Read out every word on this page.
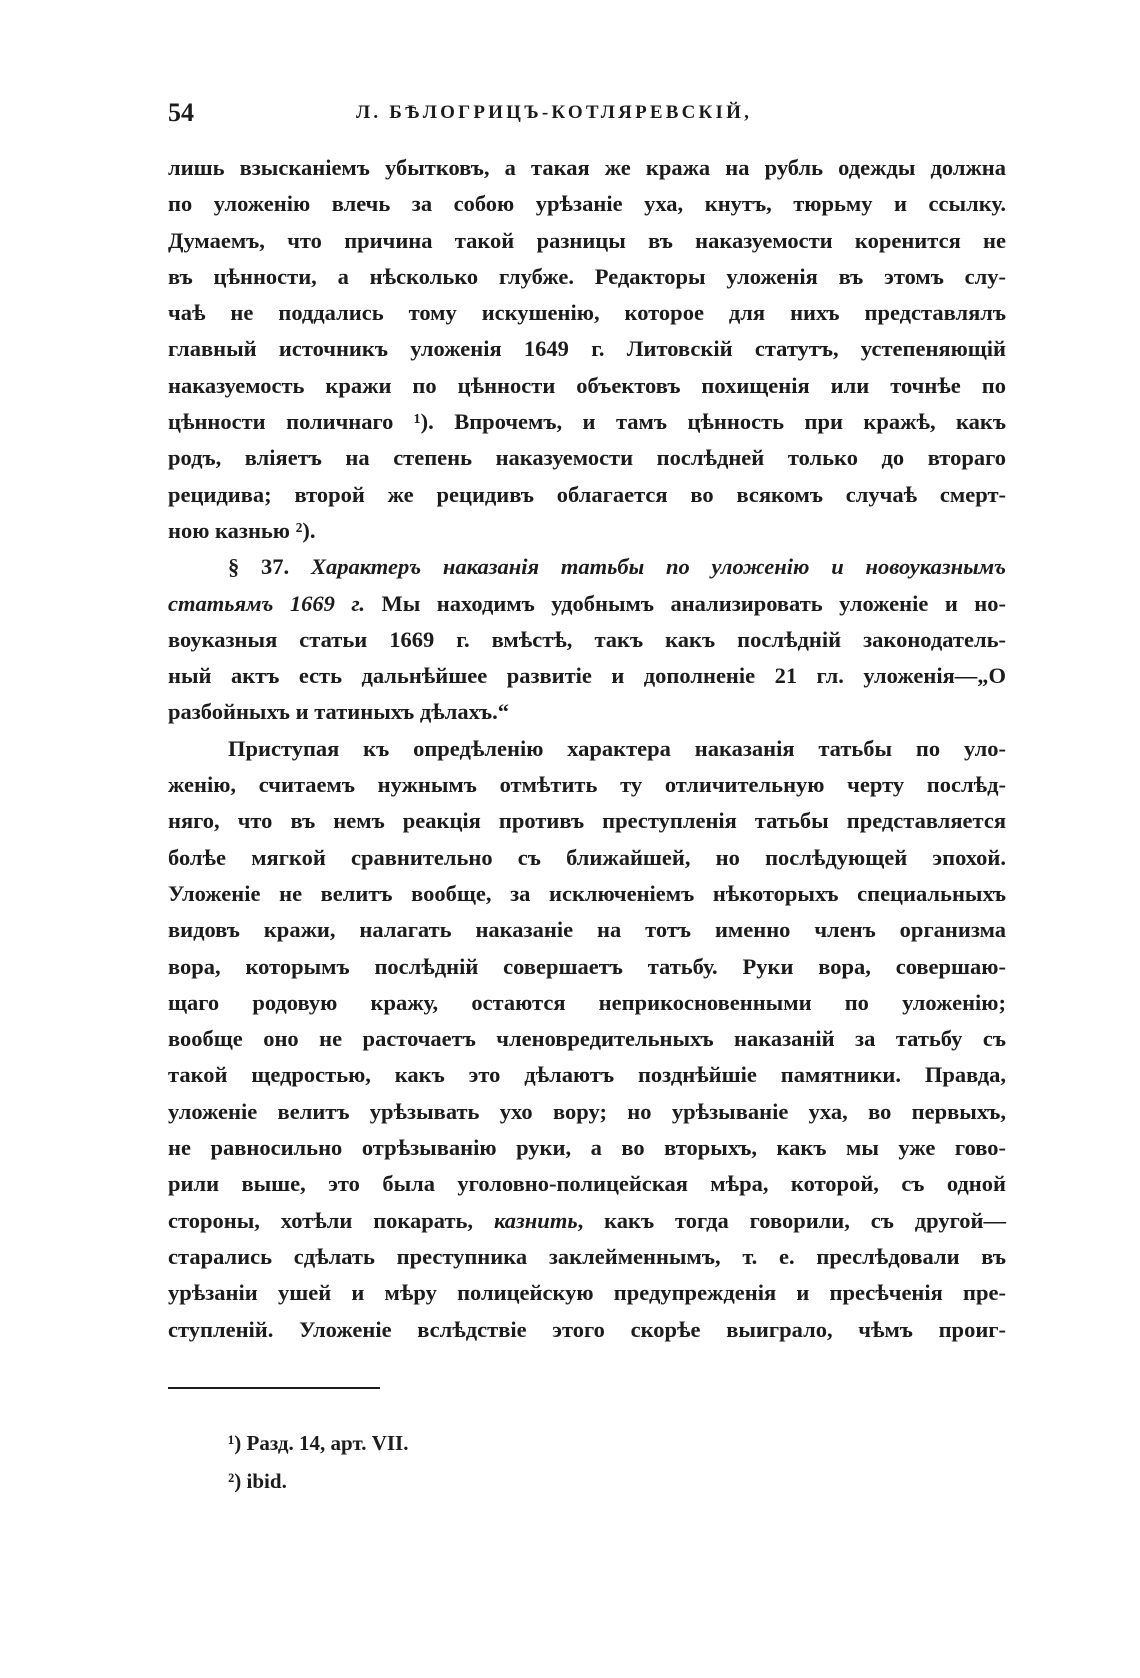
54	Л. БѢЛОГРИЦЪ-КОТЛЯРЕВСКІЙ,
лишь взысканіемъ убытковъ, а такая же кража на рубль одежды должна
по уложенію влечь за собою урѣзаніе уха, кнутъ, тюрьму и ссылку.
Думаемъ, что причина такой разницы въ наказуемости коренится не
въ цѣнности, а нѣсколько глубже. Редакторы уложенія въ этомъ слу-
чаѣ не поддались тому искушенію, которое для нихъ представлялъ
главный источникъ уложенія 1649 г. Литовскій статутъ, устепеняющій
наказуемость кражи по цѣнности объектовъ похищенія или точнѣе по
цѣнности поличнаго ¹). Впрочемъ, и тамъ цѣнность при кражѣ, какъ
родъ, вліяетъ на степень наказуемости послѣдней только до втораго
рецидива; второй же рецидивъ облагается во всякомъ случаѣ смерт-
ною казнью ²).
§ 37. Характеръ наказанія татьбы по уложенію и новоуказнымъ
статьямъ 1669 г. Мы находимъ удобнымъ анализировать уложеніе и но-
воуказныя статьи 1669 г. вмѣстѣ, такъ какъ послѣдній законодатель-
ный актъ есть дальнѣйшее развитіе и дополненіе 21 гл. уложенія—„О
разбойныхъ и татиныхъ дѣлахъ.“
Приступая къ опредѣленію характера наказанія татьбы по уло-
женію, считаемъ нужнымъ отмѣтить ту отличительную черту послѣд-
няго, что въ немъ реакція противъ преступленія татьбы представляется
болѣе мягкой сравнительно съ ближайшей, но послѣдующей эпохой.
Уложеніе не велитъ вообще, за исключеніемъ нѣкоторыхъ специальныхъ
видовъ кражи, налагать наказаніе на тотъ именно членъ организма
вора, которымъ послѣдній совершаетъ татьбу. Руки вора, совершаю-
щаго родовую кражу, остаются неприкосновенными по уложенію;
вообще оно не расточаетъ членовредительныхъ наказаній за татьбу съ
такой щедростью, какъ это дѣлаютъ позднѣйшіе памятники. Правда,
уложеніе велитъ урѣзывать ухо вору; но урѣзываніе уха, во первыхъ,
не равносильно отрѣзыванію руки, а во вторыхъ, какъ мы уже гово-
рили выше, это была уголовно-полицейская мѣра, которой, съ одной
стороны, хотѣли покарать, казнить, какъ тогда говорили, съ другой—
старались сдѣлать преступника заклейменнымъ, т. е. преслѣдовали въ
урѣзаніи ушей и мѣру полицейскую предупрежденія и пресѣченія пре-
ступленій. Уложеніе вслѣдствіе этого скорѣе выиграло, чѣмъ проиг-
¹) Разд. 14, арт. VII.
²) ibid.
